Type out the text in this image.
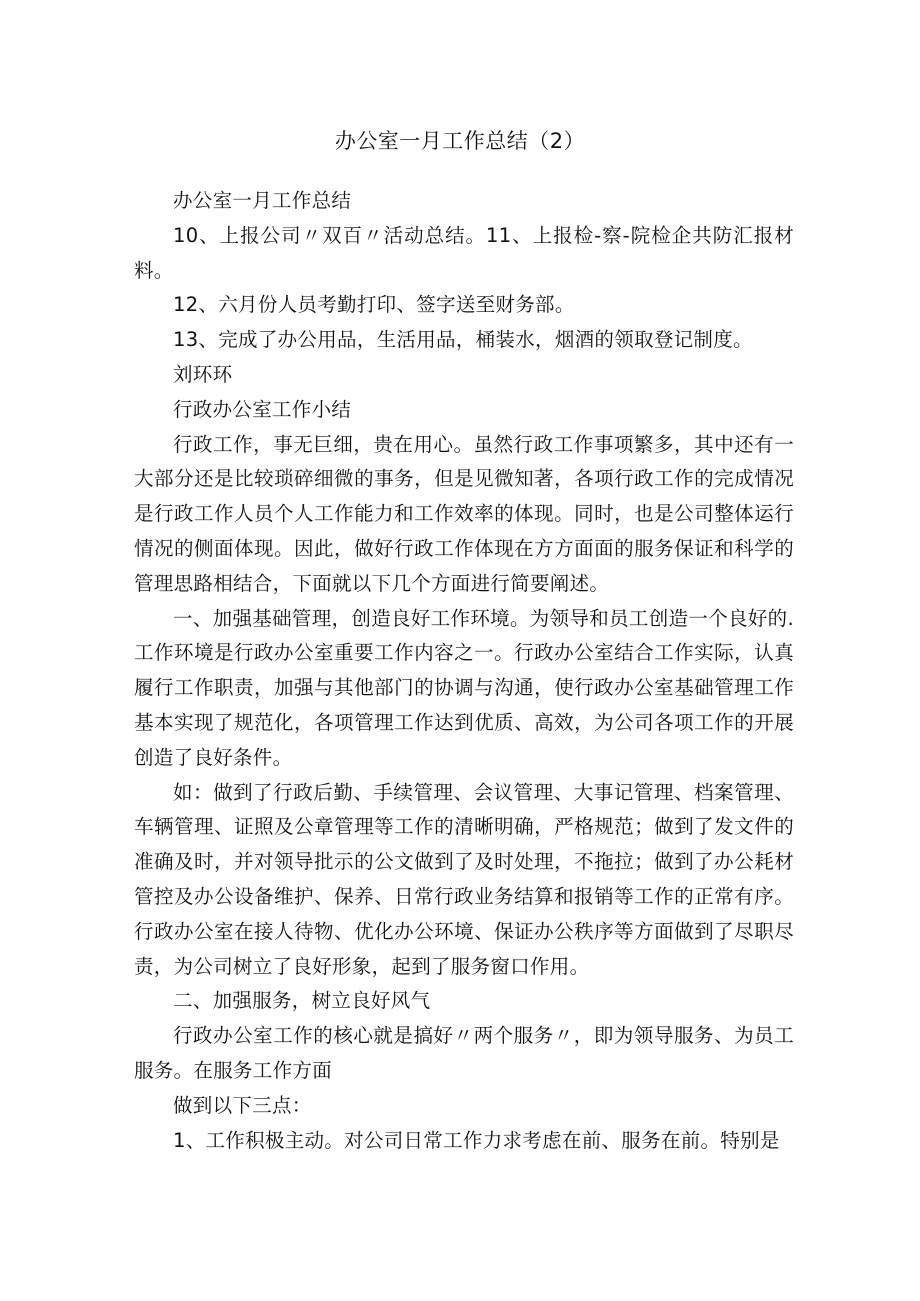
办公室一月工作总结（2）

办公室一月工作总结

10、上报公司〃双百〃活动总结。11、上报检-察-院检企共防汇报材料。

12、六月份人员考勤打印、签字送至财务部。

13、完成了办公用品，生活用品，桶装水，烟酒的领取登记制度。

刘环环

行政办公室工作小结

行政工作，事无巨细，贵在用心。虽然行政工作事项繁多，其中还有一大部分还是比较琐碎细微的事务，但是见微知著，各项行政工作的完成情况是行政工作人员个人工作能力和工作效率的体现。同时，也是公司整体运行情况的侧面体现。因此，做好行政工作体现在方方面面的服务保证和科学的管理思路相结合，下面就以下几个方面进行简要阐述。

一、加强基础管理，创造良好工作环境。为领导和员工创造一个良好的.工作环境是行政办公室重要工作内容之一。行政办公室结合工作实际，认真履行工作职责，加强与其他部门的协调与沟通，使行政办公室基础管理工作基本实现了规范化，各项管理工作达到优质、高效，为公司各项工作的开展创造了良好条件。

如：做到了行政后勤、手续管理、会议管理、大事记管理、档案管理、车辆管理、证照及公章管理等工作的清晰明确，严格规范；做到了发文件的准确及时，并对领导批示的公文做到了及时处理，不拖拉；做到了办公耗材管控及办公设备维护、保养、日常行政业务结算和报销等工作的正常有序。行政办公室在接人待物、优化办公环境、保证办公秩序等方面做到了尽职尽责，为公司树立了良好形象，起到了服务窗口作用。

二、加强服务，树立良好风气

行政办公室工作的核心就是搞好〃两个服务〃，即为领导服务、为员工服务。在服务工作方面

做到以下三点：

1、工作积极主动。对公司日常工作力求考虑在前、服务在前。特别是
